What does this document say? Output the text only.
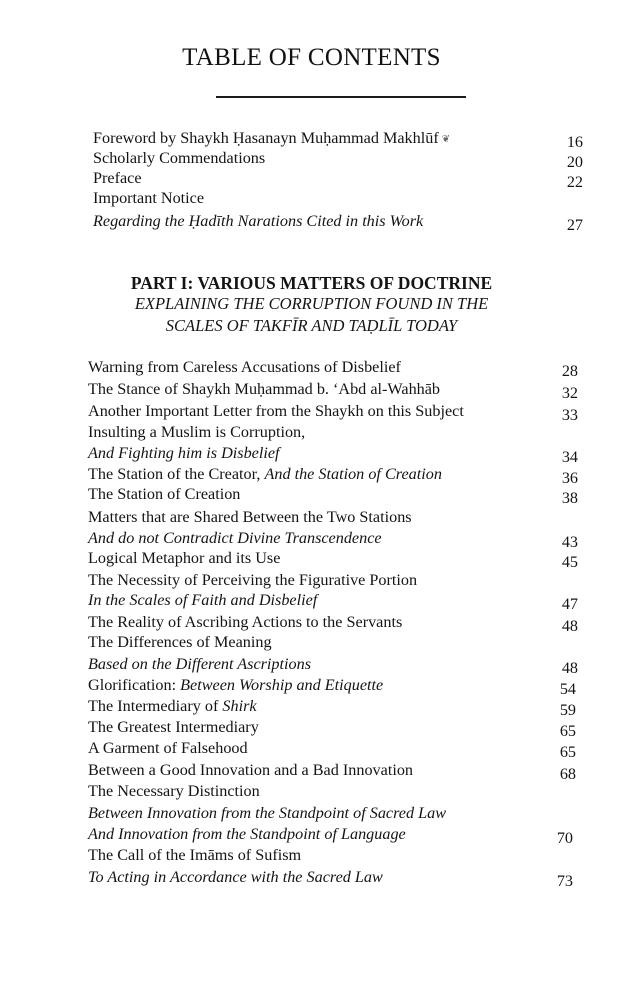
TABLE OF CONTENTS
Foreword by Shaykh Ḥasanayn Muḥammad Makhlūf ❦	16
Scholarly Commendations	20
Preface	22
Important Notice
Regarding the Ḥadīth Narations Cited in this Work	27
PART I: VARIOUS MATTERS OF DOCTRINE
EXPLAINING THE CORRUPTION FOUND IN THE
SCALES OF TAKFĪR AND TAḌLĪL TODAY
Warning from Careless Accusations of Disbelief	28
The Stance of Shaykh Muḥammad b. ‘Abd al-Wahhāb	32
Another Important Letter from the Shaykh on this Subject	33
Insulting a Muslim is Corruption,
And Fighting him is Disbelief	34
The Station of the Creator, And the Station of Creation	36
The Station of Creation	38
Matters that are Shared Between the Two Stations
And do not Contradict Divine Transcendence	43
Logical Metaphor and its Use	45
The Necessity of Perceiving the Figurative Portion
In the Scales of Faith and Disbelief	47
The Reality of Ascribing Actions to the Servants	48
The Differences of Meaning
Based on the Different Ascriptions	48
Glorification: Between Worship and Etiquette	54
The Intermediary of Shirk	59
The Greatest Intermediary	65
A Garment of Falsehood	65
Between a Good Innovation and a Bad Innovation	68
The Necessary Distinction
Between Innovation from the Standpoint of Sacred Law
And Innovation from the Standpoint of Language	70
The Call of the Imāms of Sufism
To Acting in Accordance with the Sacred Law	73
